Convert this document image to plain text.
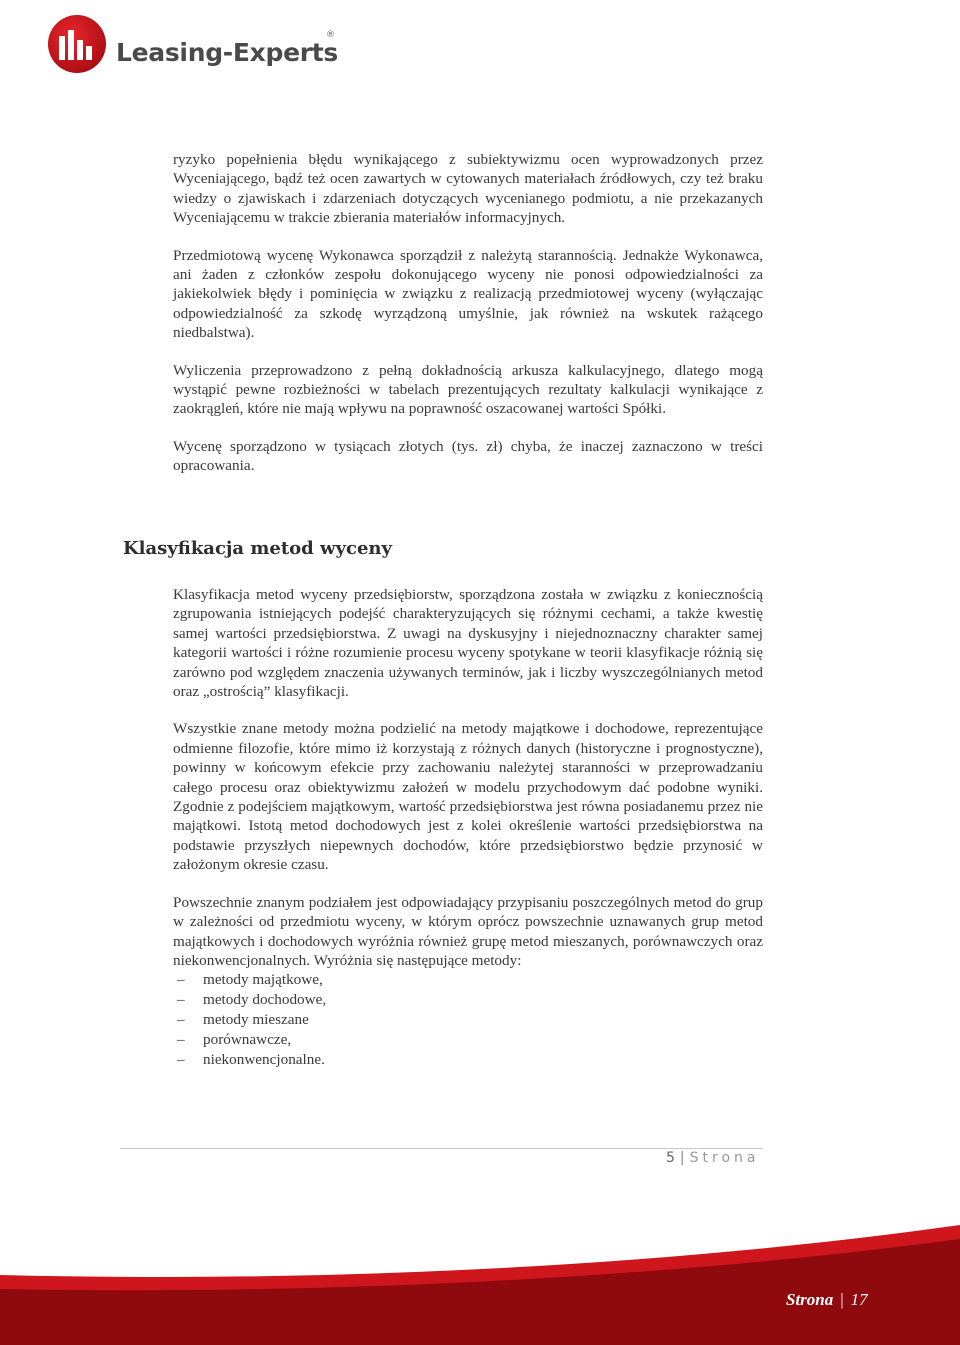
Leasing-Experts
®

ryzyko popełnienia błędu wynikającego z subiektywizmu ocen wyprowadzonych przez Wyceniającego, bądź też ocen zawartych w cytowanych materiałach źródłowych, czy też braku wiedzy o zjawiskach i zdarzeniach dotyczących wycenianego podmiotu, a nie przekazanych Wyceniającemu w trakcie zbierania materiałów informacyjnych.

Przedmiotową wycenę Wykonawca sporządził z należytą starannością. Jednakże Wykonawca, ani żaden z członków zespołu dokonującego wyceny nie ponosi odpowiedzialności za jakiekolwiek błędy i pominięcia w związku z realizacją przedmiotowej wyceny (wyłączając odpowiedzialność za szkodę wyrządzoną umyślnie, jak również na wskutek rażącego niedbalstwa).

Wyliczenia przeprowadzono z pełną dokładnością arkusza kalkulacyjnego, dlatego mogą wystąpić pewne rozbieżności w tabelach prezentujących rezultaty kalkulacji wynikające z zaokrągleń, które nie mają wpływu na poprawność oszacowanej wartości Spółki.

Wycenę sporządzono w tysiącach złotych (tys. zł) chyba, że inaczej zaznaczono w treści opracowania.

Klasyfikacja metod wyceny

Klasyfikacja metod wyceny przedsiębiorstw, sporządzona została w związku z koniecznością zgrupowania istniejących podejść charakteryzujących się różnymi cechami, a także kwestię samej wartości przedsiębiorstwa. Z uwagi na dyskusyjny i niejednoznaczny charakter samej kategorii wartości i różne rozumienie procesu wyceny spotykane w teorii klasyfikacje różnią się zarówno pod względem znaczenia używanych terminów, jak i liczby wyszczególnianych metod oraz „ostrością” klasyfikacji.

Wszystkie znane metody można podzielić na metody majątkowe i dochodowe, reprezentujące odmienne filozofie, które mimo iż korzystają z różnych danych (historyczne i prognostyczne), powinny w końcowym efekcie przy zachowaniu należytej staranności w przeprowadzaniu całego procesu oraz obiektywizmu założeń w modelu przychodowym dać podobne wyniki. Zgodnie z podejściem majątkowym, wartość przedsiębiorstwa jest równa posiadanemu przez nie majątkowi. Istotą metod dochodowych jest z kolei określenie wartości przedsiębiorstwa na podstawie przyszłych niepewnych dochodów, które przedsiębiorstwo będzie przynosić w założonym okresie czasu.

Powszechnie znanym podziałem jest odpowiadający przypisaniu poszczególnych metod do grup w zależności od przedmiotu wyceny, w którym oprócz powszechnie uznawanych grup metod majątkowych i dochodowych wyróżnia również grupę metod mieszanych, porównawczych oraz niekonwencjonalnych. Wyróżnia się następujące metody:

– metody majątkowe,
– metody dochodowe,
– metody mieszane
– porównawcze,
– niekonwencjonalne.
5 | Strona
Strona | 17
